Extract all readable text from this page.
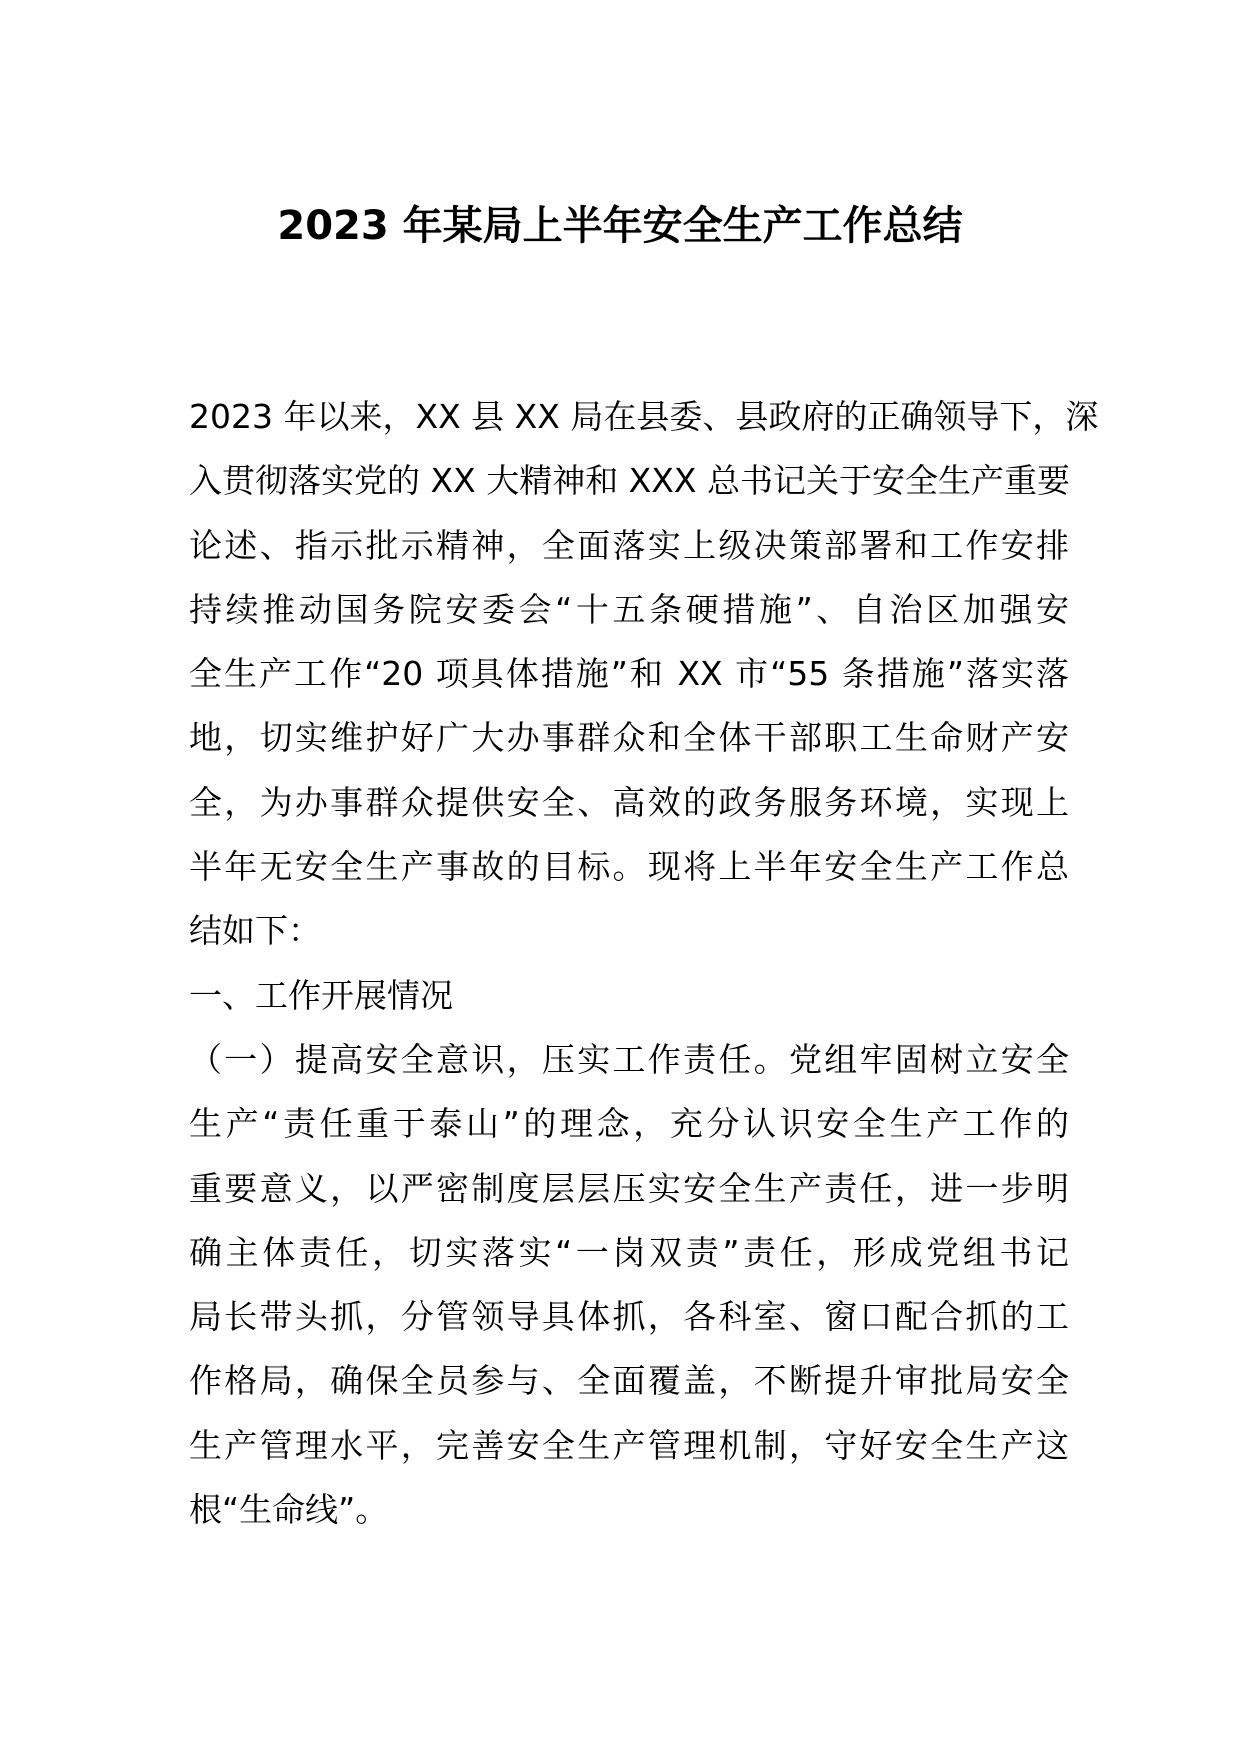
2023 年某局上半年安全生产工作总结
2023 年以来，XX 县 XX 局在县委、县政府的正确领导下，深
入贯彻落实党的 XX 大精神和 XXX 总书记关于安全生产重要
论述、指示批示精神，全面落实上级决策部署和工作安排
持续推动国务院安委会“十五条硬措施”、自治区加强安
全生产工作“20 项具体措施”和 XX 市“55 条措施”落实落
地，切实维护好广大办事群众和全体干部职工生命财产安
全，为办事群众提供安全、高效的政务服务环境，实现上
半年无安全生产事故的目标。现将上半年安全生产工作总
结如下：
一、工作开展情况
（一）提高安全意识，压实工作责任。党组牢固树立安全
生产“责任重于泰山”的理念，充分认识安全生产工作的
重要意义，以严密制度层层压实安全生产责任，进一步明
确主体责任，切实落实“一岗双责”责任，形成党组书记
局长带头抓，分管领导具体抓，各科室、窗口配合抓的工
作格局，确保全员参与、全面覆盖，不断提升审批局安全
生产管理水平，完善安全生产管理机制，守好安全生产这
根“生命线”。
